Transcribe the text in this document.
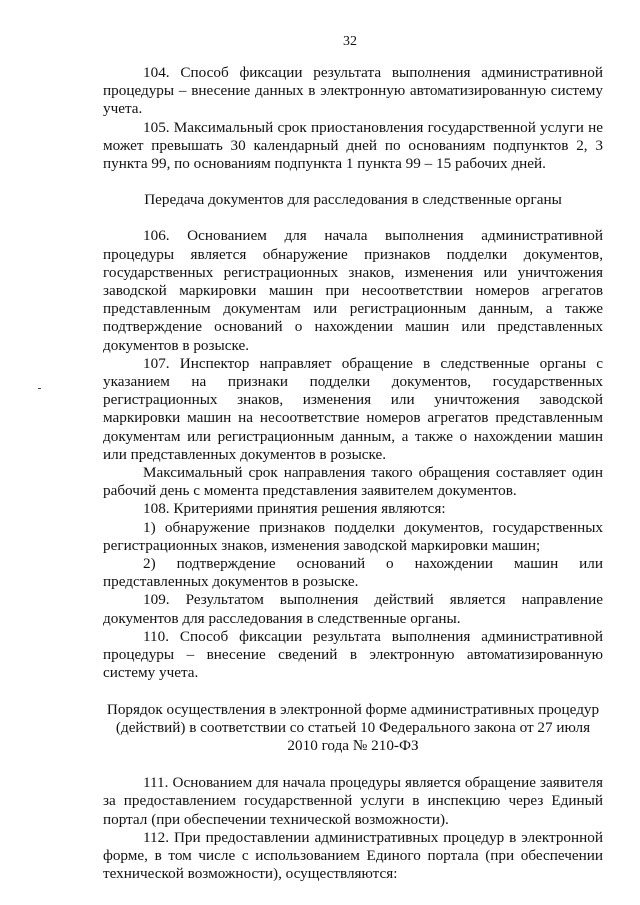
32

104. Способ фиксации результата выполнения административной процедуры – внесение данных в электронную автоматизированную систему учета.

105. Максимальный срок приостановления государственной услуги не может превышать 30 календарный дней по основаниям подпунктов 2, 3 пункта 99, по основаниям подпункта 1 пункта 99 – 15 рабочих дней.

Передача документов для расследования в следственные органы

106. Основанием для начала выполнения административной процедуры является обнаружение признаков подделки документов, государственных регистрационных знаков, изменения или уничтожения заводской маркировки машин при несоответствии номеров агрегатов представленным документам или регистрационным данным, а также подтверждение оснований о нахождении машин или представленных документов в розыске.

107. Инспектор направляет обращение в следственные органы с указанием на признаки подделки документов, государственных регистрационных знаков, изменения или уничтожения заводской маркировки машин на несоответствие номеров агрегатов представленным документам или регистрационным данным, а также о нахождении машин или представленных документов в розыске.

Максимальный срок направления такого обращения составляет один рабочий день с момента представления заявителем документов.

108. Критериями принятия решения являются:

1) обнаружение признаков подделки документов, государственных регистрационных знаков, изменения заводской маркировки машин;

2) подтверждение оснований о нахождении машин или представленных документов в розыске.

109. Результатом выполнения действий является направление документов для расследования в следственные органы.

110. Способ фиксации результата выполнения административной процедуры – внесение сведений в электронную автоматизированную систему учета.

Порядок осуществления в электронной форме административных процедур (действий) в соответствии со статьей 10 Федерального закона от 27 июля 2010 года № 210-ФЗ

111. Основанием для начала процедуры является обращение заявителя за предоставлением государственной услуги в инспекцию через Единый портал (при обеспечении технической возможности).

112. При предоставлении административных процедур в электронной форме, в том числе с использованием Единого портала (при обеспечении технической возможности), осуществляются:
